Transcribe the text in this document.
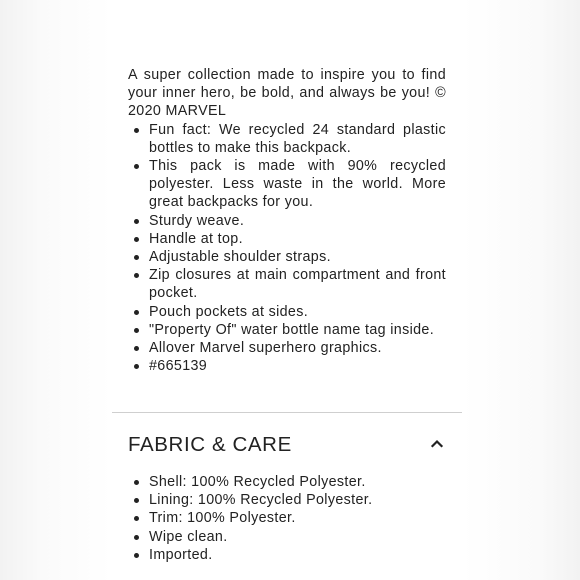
A super collection made to inspire you to find your inner hero, be bold, and always be you! © 2020 MARVEL

Fun fact: We recycled 24 standard plastic bottles to make this backpack.
This pack is made with 90% recycled polyester. Less waste in the world. More great backpacks for you.
Sturdy weave.
Handle at top.
Adjustable shoulder straps.
Zip closures at main compartment and front pocket.
Pouch pockets at sides.
"Property Of" water bottle name tag inside.
Allover Marvel superhero graphics.
#665139
FABRIC & CARE
Shell: 100% Recycled Polyester.
Lining: 100% Recycled Polyester.
Trim: 100% Polyester.
Wipe clean.
Imported.
